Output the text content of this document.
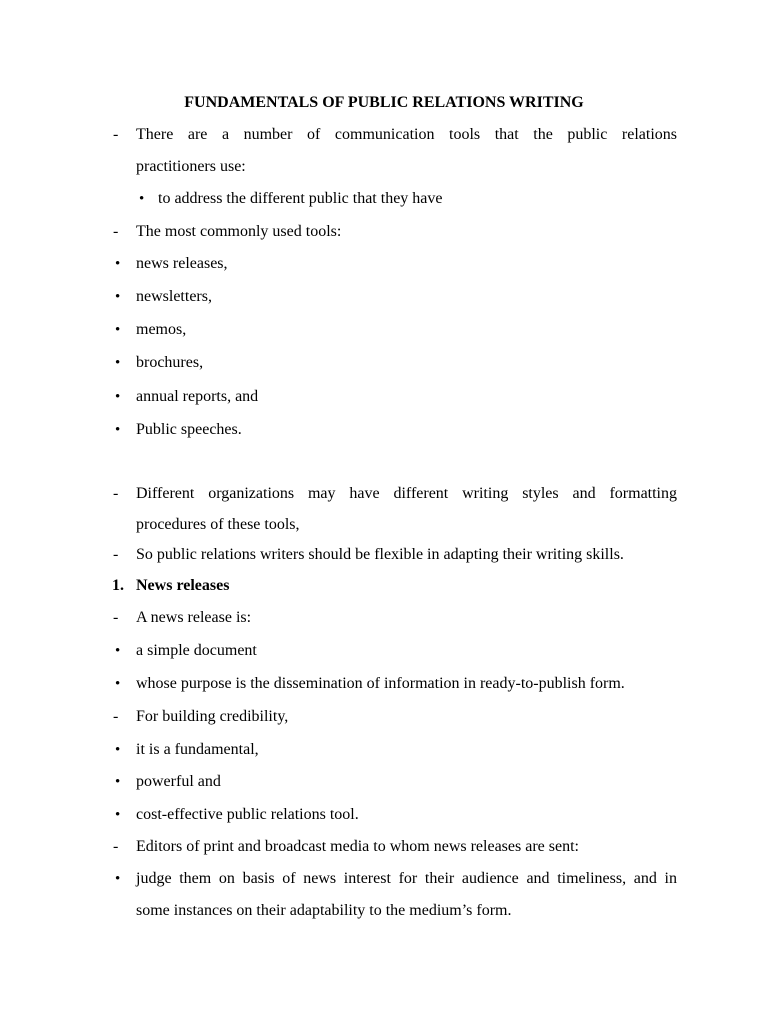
FUNDAMENTALS OF PUBLIC RELATIONS WRITING
- There are a number of communication tools that the public relations
practitioners use:
• to address the different public that they have
- The most commonly used tools:
• news releases,
• newsletters,
• memos,
• brochures,
• annual reports, and
• Public speeches.
- Different organizations may have different writing styles and formatting
procedures of these tools,
- So public relations writers should be flexible in adapting their writing skills.
1. News releases
- A news release is:
• a simple document
• whose purpose is the dissemination of information in ready-to-publish form.
- For building credibility,
• it is a fundamental,
• powerful and
• cost-effective public relations tool.
- Editors of print and broadcast media to whom news releases are sent:
• judge them on basis of news interest for their audience and timeliness, and in
some instances on their adaptability to the medium’s form.
